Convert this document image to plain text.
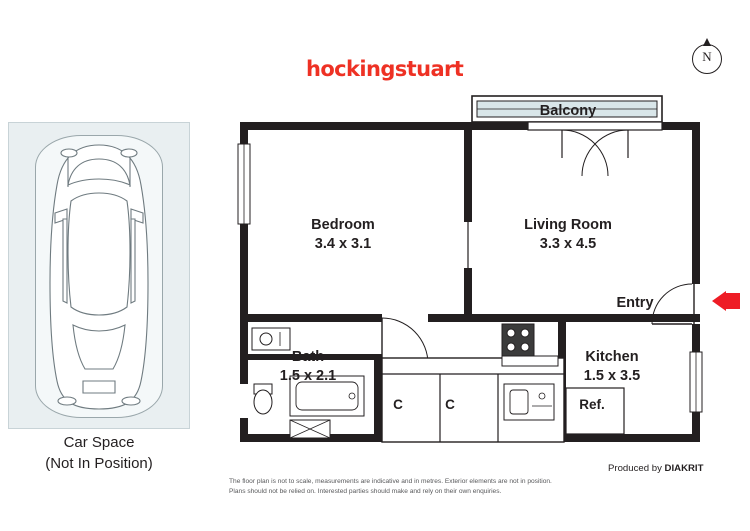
hockingstuart
N
Car Space
(Not In Position)
Balcony
Bedroom
3.4 x 3.1
Living Room
3.3 x 4.5
Entry
Bath
1.5 x 2.1
Kitchen
1.5 x 3.5
Ref.
C	C
The floor plan is not to scale, measurements are indicative and in metres. Exterior elements are not in position.
Plans should not be relied on. Interested parties should make and rely on their own enquiries.
Produced by DIAKRIT
